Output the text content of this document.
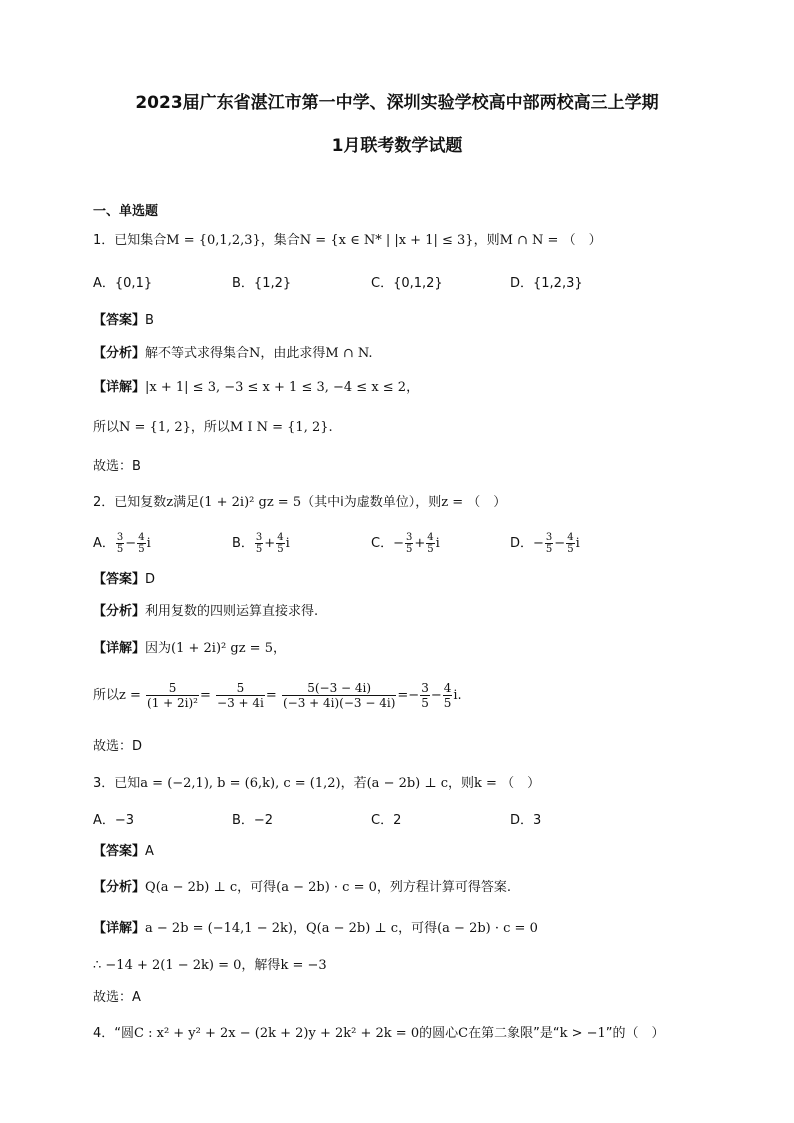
2023届广东省湛江市第一中学、深圳实验学校高中部两校高三上学期
1月联考数学试题
一、单选题
1．已知集合M = {0,1,2,3}，集合N = {x ∈ N* | |x + 1| ≤ 3}，则M ∩ N = （　）
A．{0,1}	B．{1,2}	C．{0,1,2}	D．{1,2,3}
【答案】B
【分析】解不等式求得集合N，由此求得M ∩ N.
【详解】|x + 1| ≤ 3, −3 ≤ x + 1 ≤ 3, −4 ≤ x ≤ 2，
所以N = {1, 2}，所以M I N = {1, 2}.
故选：B
2．已知复数z满足(1 + 2i)² gz = 5（其中i为虚数单位），则z = （　）
A． $\frac{3}{5} - \frac{4}{5}$ i	B． $\frac{3}{5} + \frac{4}{5}$ i	C．− $\frac{3}{5} + \frac{4}{5}$ i	D．− $\frac{3}{5} - \frac{4}{5}$ i
【答案】D
【分析】利用复数的四则运算直接求得.
【详解】因为(1 + 2i)² gz = 5，
所以$z = \frac{5}{\text{(1 + 2i)²}} = \frac{5}{-3 + 4i} = \frac{5(-3 - 4i)}{(-3 + 4i)(-3 - 4i)} =- \frac{3}{5} - \frac{4}{5} i$.
故选：D
3．已知a = (−2,1), b = (6,k), c = (1,2)，若(a − 2b) ⊥ c，则k = （　）
A．−3	B．−2	C．2	D．3
【答案】A
【分析】Q(a − 2b) ⊥ c，可得(a − 2b) · c = 0，列方程计算可得答案.
【详解】a − 2b = (−14,1 − 2k)，Q(a − 2b) ⊥ c，可得(a − 2b) · c = 0
∴ −14 + 2(1 − 2k) = 0，解得k = −3
故选：A
4．“圆C : x² + y² + 2x − (2k + 2)y + 2k² + 2k = 0的圆心C在第二象限”是“k > −1”的（　）
